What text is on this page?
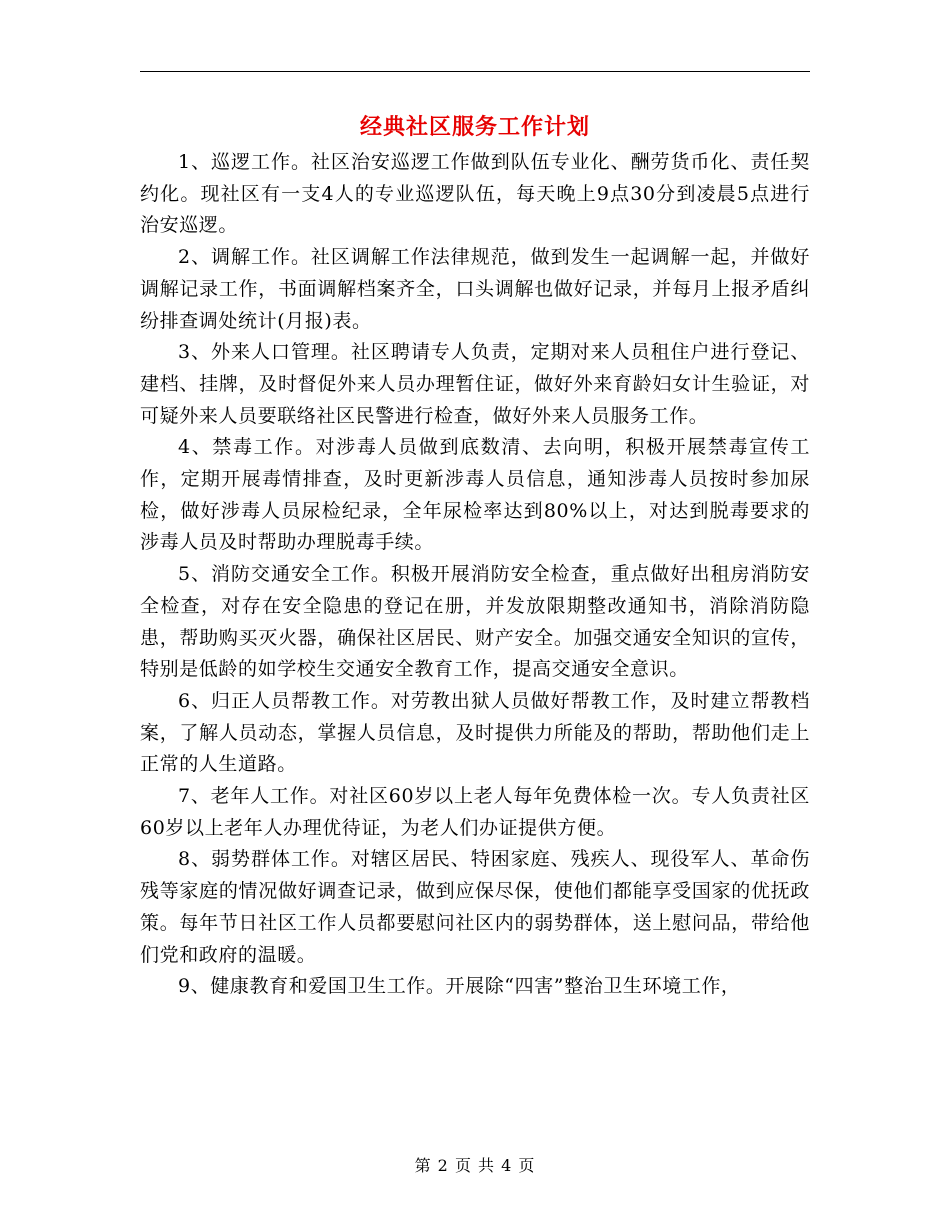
经典社区服务工作计划

1、巡逻工作。社区治安巡逻工作做到队伍专业化、酬劳货币化、责任契约化。现社区有一支4人的专业巡逻队伍，每天晚上9点30分到凌晨5点进行治安巡逻。

2、调解工作。社区调解工作法律规范，做到发生一起调解一起，并做好调解记录工作，书面调解档案齐全，口头调解也做好记录，并每月上报矛盾纠纷排查调处统计(月报)表。

3、外来人口管理。社区聘请专人负责，定期对来人员租住户进行登记、建档、挂牌，及时督促外来人员办理暂住证，做好外来育龄妇女计生验证，对可疑外来人员要联络社区民警进行检查，做好外来人员服务工作。

4、禁毒工作。对涉毒人员做到底数清、去向明，积极开展禁毒宣传工作，定期开展毒情排查，及时更新涉毒人员信息，通知涉毒人员按时参加尿检，做好涉毒人员尿检纪录，全年尿检率达到80%以上，对达到脱毒要求的涉毒人员及时帮助办理脱毒手续。

5、消防交通安全工作。积极开展消防安全检查，重点做好出租房消防安全检查，对存在安全隐患的登记在册，并发放限期整改通知书，消除消防隐患，帮助购买灭火器，确保社区居民、财产安全。加强交通安全知识的宣传，特别是低龄的如学校生交通安全教育工作，提高交通安全意识。

6、归正人员帮教工作。对劳教出狱人员做好帮教工作，及时建立帮教档案，了解人员动态，掌握人员信息，及时提供力所能及的帮助，帮助他们走上正常的人生道路。

7、老年人工作。对社区60岁以上老人每年免费体检一次。专人负责社区60岁以上老年人办理优待证，为老人们办证提供方便。

8、弱势群体工作。对辖区居民、特困家庭、残疾人、现役军人、革命伤残等家庭的情况做好调查记录，做到应保尽保，使他们都能享受国家的优抚政策。每年节日社区工作人员都要慰问社区内的弱势群体，送上慰问品，带给他们党和政府的温暖。

9、健康教育和爱国卫生工作。开展除“四害”整治卫生环境工作，

第 2 页 共 4 页
